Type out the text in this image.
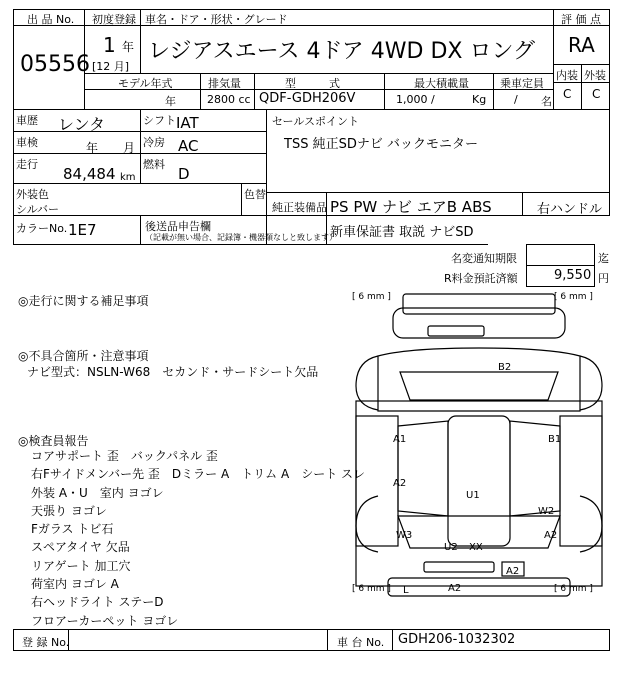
出 品 No.
05556
初度登録
1 年
[12 月]
車名・ドア・形状・グレード
レジアスエース 4ドア 4WD DX ロング
評 価 点
RA
内装 外装
C C
モデル年式	排気量	型　　　式	最大積載量	乗車定員
年	2800 cc QDF-GDH206V	1,000 /	Kg	/ 名
車歴 レンタ	シフト IAT
車検	年 月 冷房 AC
走行
84,484 km
燃料
D
外装色
シルバー
色替
カラーNo. 1E7	後送品申告欄
（記載が無い場合、記録簿・機器類なしと致します）
セールスポイント
TSS 純正SDナビ バックモニター
純正装備品 PS PW ナビ エアB ABS	右ハンドル
新車保証書 取説 ナビSD
名変通知期限	迄
R料金預託済額	9,550 円
◎走行に関する補足事項
◎不具合箇所・注意事項
ナビ型式：NSLN-W68　セカンド・サードシート欠品
◎検査員報告
コアサポート 歪　バックパネル 歪
右Fサイドメンバー先 歪　Dミラー A　トリム A　シート スレ
外装 A・U　室内 ヨゴレ
天張り ヨゴレ
Fガラス トビ石
スペアタイヤ 欠品
リアゲート 加工穴
荷室内 ヨゴレ A
右ヘッドライト ステーD
フロアーカーペット ヨゴレ
[ 6 mm ]	[ 6 mm ]
[ 6 mm ]	[ 6 mm ]
B2
A1	B1
A2
U1
W2
W3	A2
U2 XX
A2
L	A2
登 録 No.	車 台 No. GDH206-1032302
